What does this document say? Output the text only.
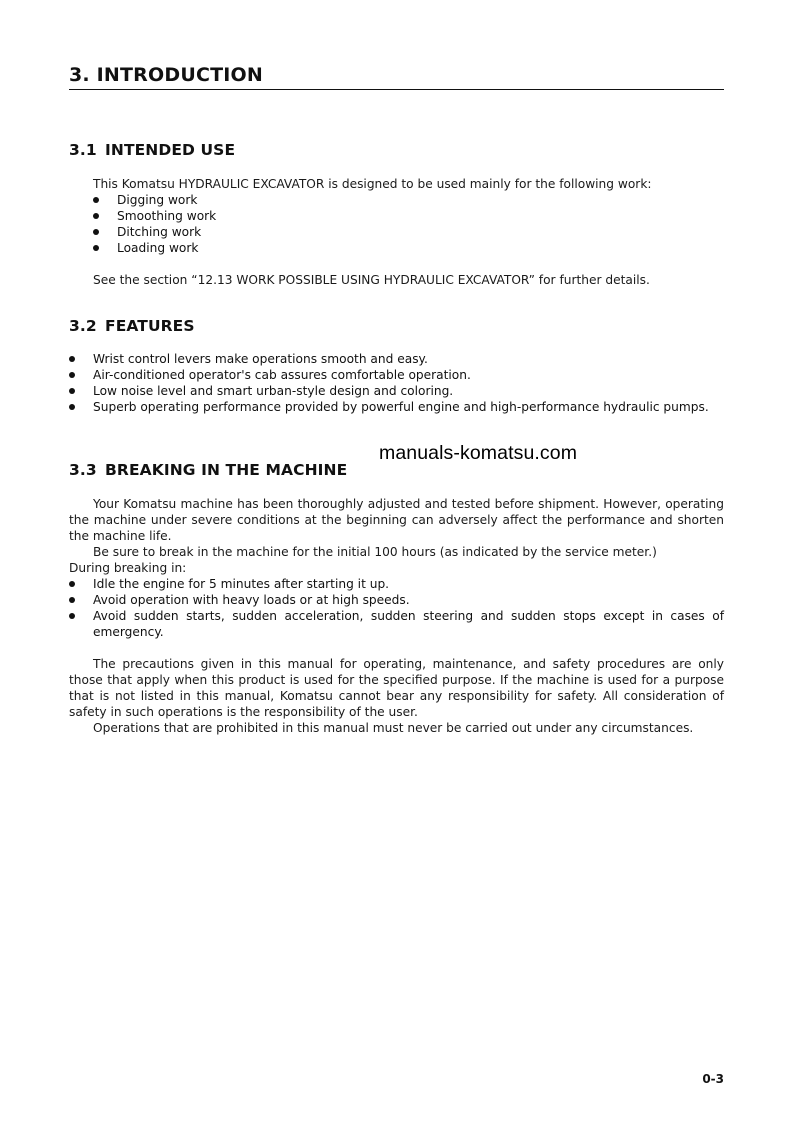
3. INTRODUCTION
3.1 INTENDED USE
This Komatsu HYDRAULIC EXCAVATOR is designed to be used mainly for the following work:
Digging work
Smoothing work
Ditching work
Loading work
See the section “12.13 WORK POSSIBLE USING HYDRAULIC EXCAVATOR” for further details.
3.2 FEATURES
Wrist control levers make operations smooth and easy.
Air-conditioned operator's cab assures comfortable operation.
Low noise level and smart urban-style design and coloring.
Superb operating performance provided by powerful engine and high-performance hydraulic pumps.
3.3 BREAKING IN THE MACHINE
manuals-komatsu.com
Your Komatsu machine has been thoroughly adjusted and tested before shipment. However, operating the machine under severe conditions at the beginning can adversely affect the performance and shorten the machine life.
Be sure to break in the machine for the initial 100 hours (as indicated by the service meter.)
During breaking in:
Idle the engine for 5 minutes after starting it up.
Avoid operation with heavy loads or at high speeds.
Avoid sudden starts, sudden acceleration, sudden steering and sudden stops except in cases of emergency.
The precautions given in this manual for operating, maintenance, and safety procedures are only those that apply when this product is used for the specified purpose. If the machine is used for a purpose that is not listed in this manual, Komatsu cannot bear any responsibility for safety. All consideration of safety in such operations is the responsibility of the user.
Operations that are prohibited in this manual must never be carried out under any circumstances.
0-3
